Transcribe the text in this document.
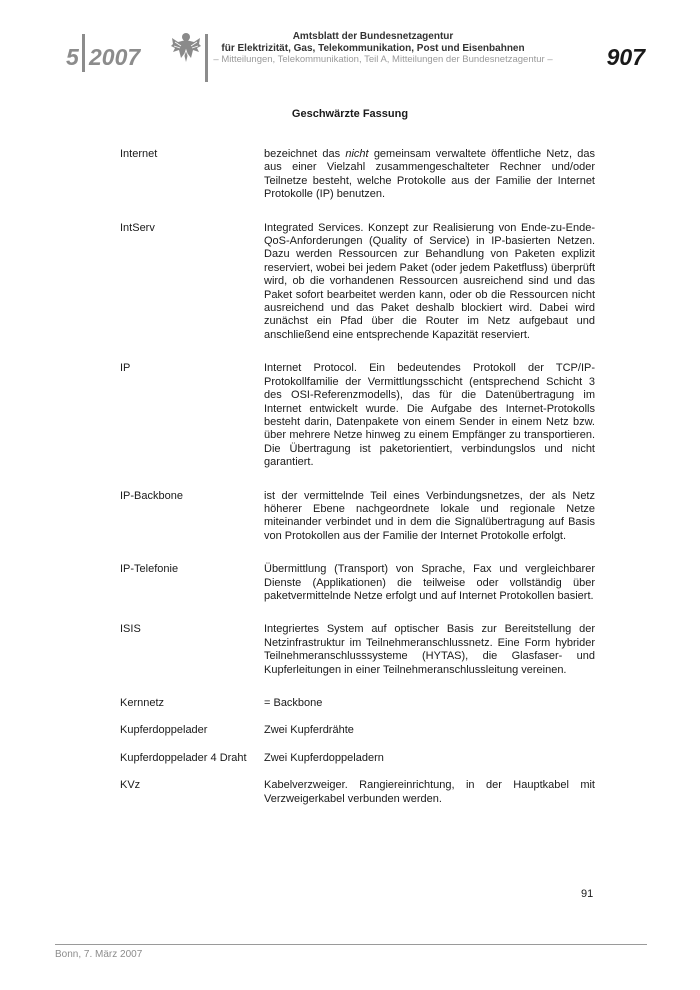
5 2007
Amtsblatt der Bundesnetzagentur
für Elektrizität, Gas, Telekommunikation, Post und Eisenbahnen
– Mitteilungen, Telekommunikation, Teil A, Mitteilungen der Bundesnetzagentur – 907
Geschwärzte Fassung
Internet	bezeichnet das nicht gemeinsam verwaltete öffentliche Netz, das aus einer Vielzahl zusammengeschalteter Rechner und/oder Teilnetze besteht, welche Protokolle aus der Familie der Internet Protokolle (IP) benutzen.
IntServ	Integrated Services. Konzept zur Realisierung von Ende-zu-Ende-QoS-Anforderungen (Quality of Service) in IP-basierten Netzen. Dazu werden Ressourcen zur Behandlung von Paketen explizit reserviert, wobei bei jedem Paket (oder jedem Paketfluss) überprüft wird, ob die vorhandenen Ressourcen ausreichend sind und das Paket sofort bearbeitet werden kann, oder ob die Ressourcen nicht ausreichend und das Paket deshalb blockiert wird. Dabei wird zunächst ein Pfad über die Router im Netz aufgebaut und anschließend eine entsprechende Kapazität reserviert.
IP	Internet Protocol. Ein bedeutendes Protokoll der TCP/IP-Protokollfamilie der Vermittlungsschicht (entsprechend Schicht 3 des OSI-Referenzmodells), das für die Datenübertragung im Internet entwickelt wurde. Die Aufgabe des Internet-Protokolls besteht darin, Datenpakete von einem Sender in einem Netz bzw. über mehrere Netze hinweg zu einem Empfänger zu transportieren. Die Übertragung ist paketorientiert, verbindungslos und nicht garantiert.
IP-Backbone	ist der vermittelnde Teil eines Verbindungsnetzes, der als Netz höherer Ebene nachgeordnete lokale und regionale Netze miteinander verbindet und in dem die Signalübertragung auf Basis von Protokollen aus der Familie der Internet Protokolle erfolgt.
IP-Telefonie	Übermittlung (Transport) von Sprache, Fax und vergleichbarer Dienste (Applikationen) die teilweise oder vollständig über paketvermittelnde Netze erfolgt und auf Internet Protokollen basiert.
ISIS	Integriertes System auf optischer Basis zur Bereitstellung der Netzinfrastruktur im Teilnehmeranschlussnetz. Eine Form hybrider Teilnehmeranschlusssysteme (HYTAS), die Glasfaser- und Kupferleitungen in einer Teilnehmeranschlussleitung vereinen.
Kernnetz	= Backbone
Kupferdoppelader	Zwei Kupferdrähte
Kupferdoppelader 4 Draht	Zwei Kupferdoppeladern
KVz	Kabelverzweiger. Rangiereinrichtung, in der Hauptkabel mit Verzweigerkabel verbunden werden.
91
Bonn, 7. März 2007
